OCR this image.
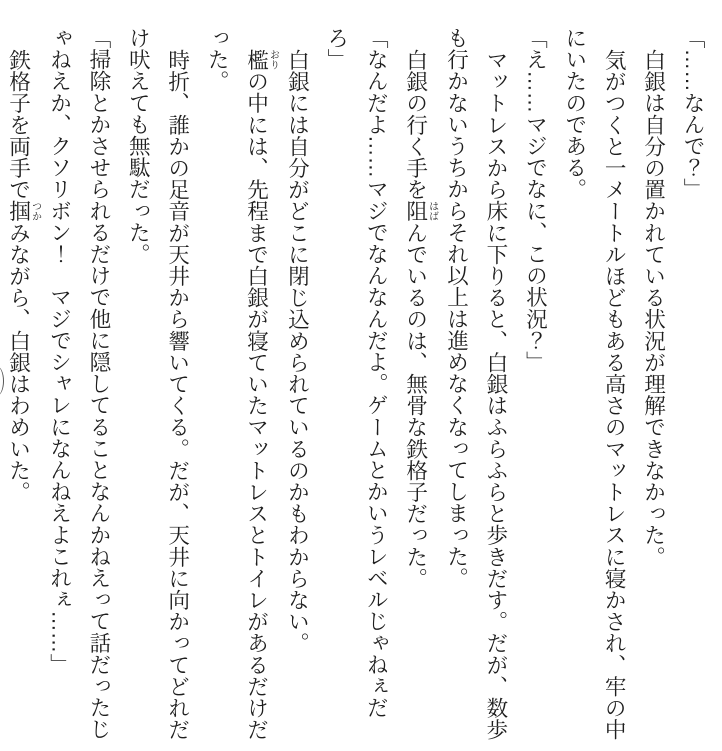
「……なんで？」

白銀は自分の置かれている状況が理解できなかった。

気がつくと一メートルほどもある高さのマットレスに寝かされ、牢の中にいたのである。

「え……マジでなに、この状況？」

マットレスから床に下りると、白銀はふらふらと歩きだす。だが、数歩も行かないうちからそれ以上は進めなくなってしまった。

白銀の行く手を阻はばんでいるのは、無骨な鉄格子だった。

「なんだよ……マジでなんなんだよ。ゲームとかいうレベルじゃねぇだろ」

白銀には自分がどこに閉じ込められているのかもわからない。

檻おりの中には、先程まで白銀が寝ていたマットレスとトイレがあるだけだった。

時折、誰かの足音が天井から響いてくる。だが、天井に向かってどれだけ吠えても無駄だった。

「掃除とかさせられるだけで他に隠してることなんかねえって話だったじゃねえか、クソリボン！　マジでシャレになんねえよこれぇ……」

鉄格子を両手で掴つかみながら、白銀はわめいた。
